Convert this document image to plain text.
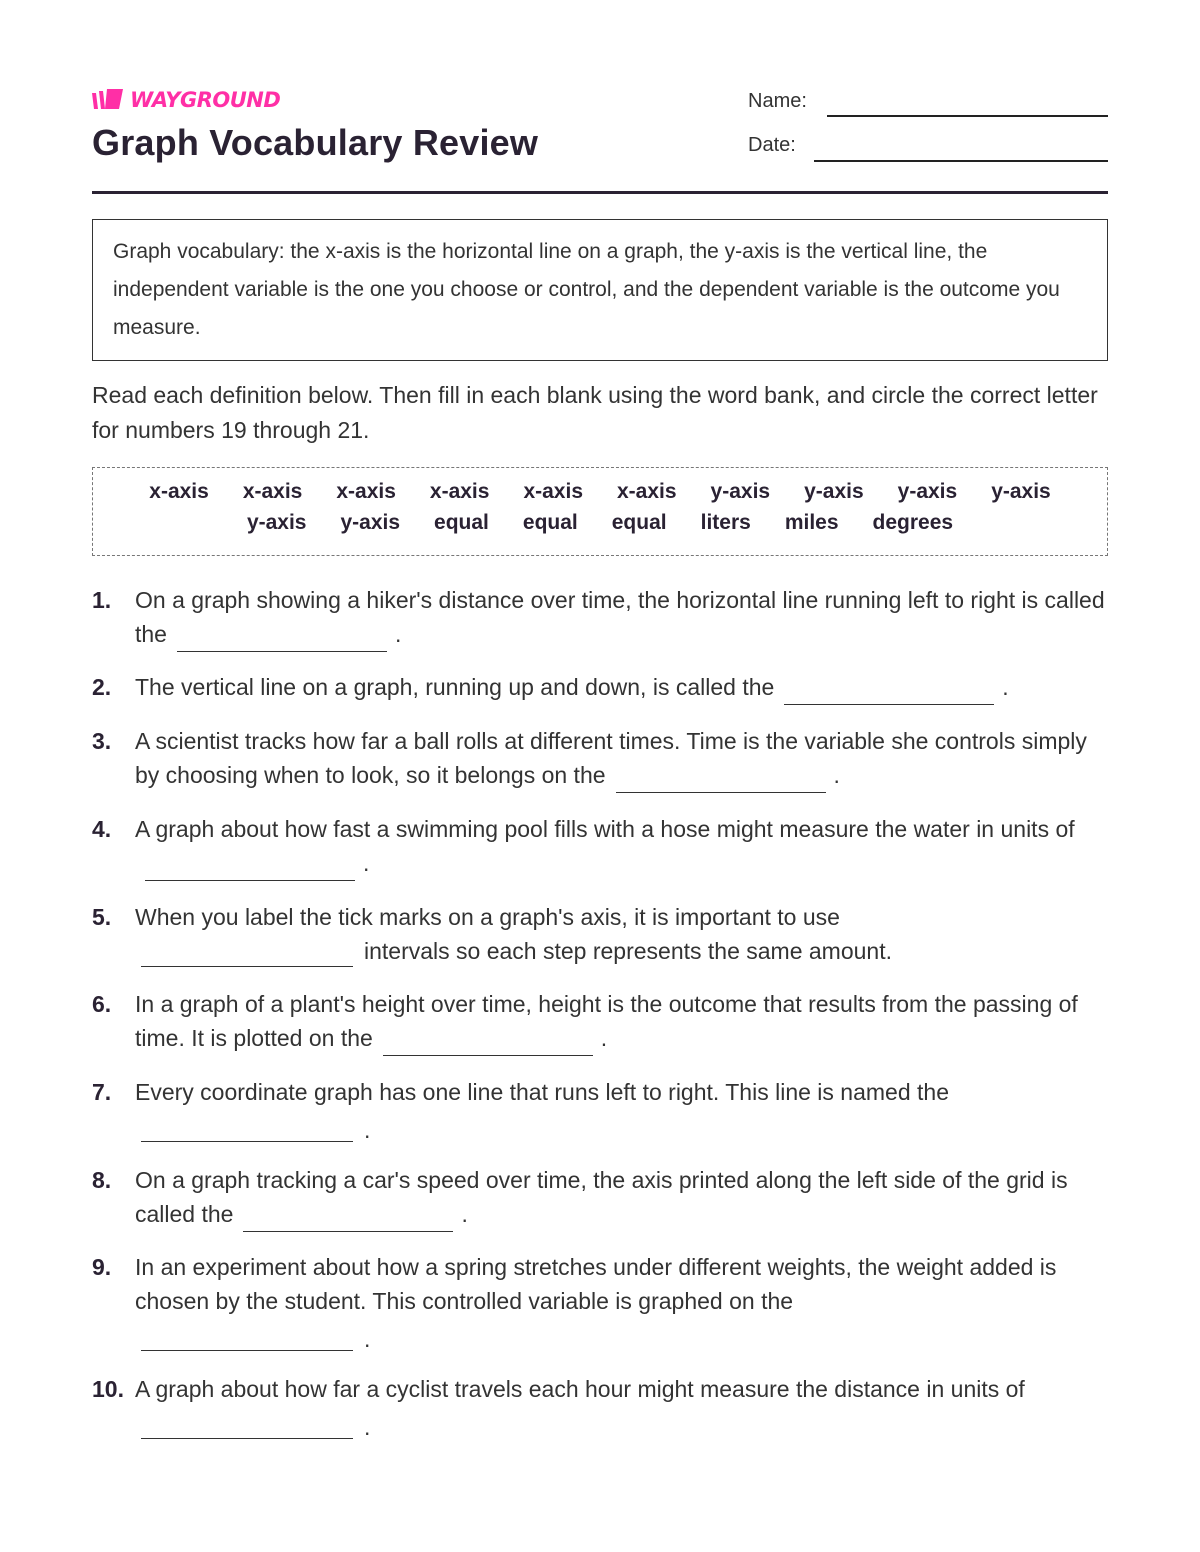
WAYGROUND
Graph Vocabulary Review
Name:
Date:
Graph vocabulary: the x-axis is the horizontal line on a graph, the y-axis is the vertical line, the independent variable is the one you choose or control, and the dependent variable is the outcome you measure.
Read each definition below. Then fill in each blank using the word bank, and circle the correct letter for numbers 19 through 21.
x-axis	x-axis	x-axis	x-axis	x-axis	x-axis	y-axis	y-axis	y-axis	y-axis
y-axis	y-axis	equal	equal	equal	liters	miles	degrees
1. On a graph showing a hiker's distance over time, the horizontal line running left to right is called the	.
2. The vertical line on a graph, running up and down, is called the	.
3. A scientist tracks how far a ball rolls at different times. Time is the variable she controls simply by choosing when to look, so it belongs on the	.
4. A graph about how fast a swimming pool fills with a hose might measure the water in units of.
5. When you label the tick marks on a graph's axis, it is important to use
intervals so each step represents the same amount.
6. In a graph of a plant's height over time, height is the outcome that results from the passing of time. It is plotted on the	.
7. Every coordinate graph has one line that runs left to right. This line is named the
.
8. On a graph tracking a car's speed over time, the axis printed along the left side of the grid is called the	.
9. In an experiment about how a spring stretches under different weights, the weight added is chosen by the student. This controlled variable is graphed on the
.
10. A graph about how far a cyclist travels each hour might measure the distance in units of
.
